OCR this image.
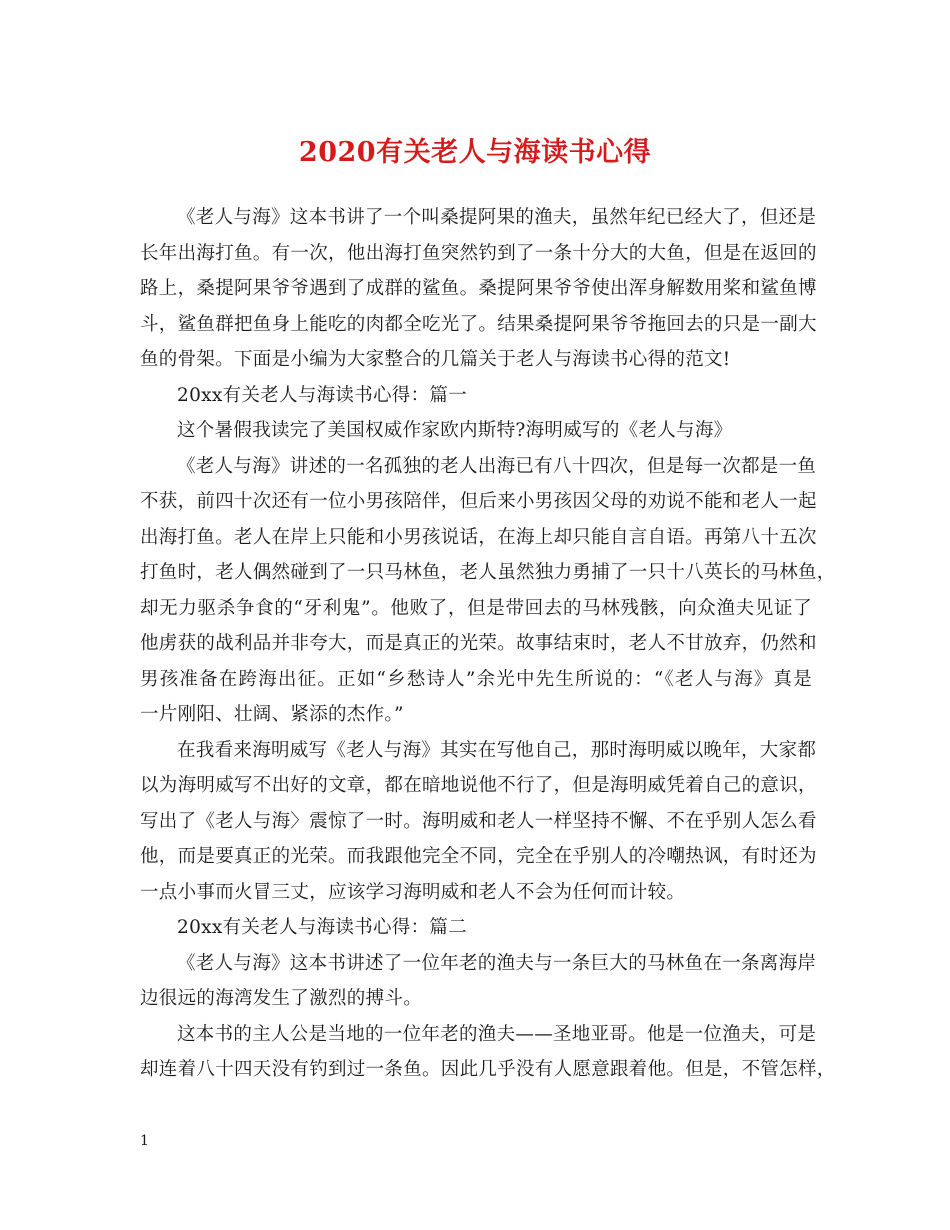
2020有关老人与海读书心得
《老人与海》这本书讲了一个叫桑提阿果的渔夫，虽然年纪已经大了，但还是
长年出海打鱼。有一次，他出海打鱼突然钓到了一条十分大的大鱼，但是在返回的
路上，桑提阿果爷爷遇到了成群的鲨鱼。桑提阿果爷爷使出浑身解数用桨和鲨鱼博
斗，鲨鱼群把鱼身上能吃的肉都全吃光了。结果桑提阿果爷爷拖回去的只是一副大
鱼的骨架。下面是小编为大家整合的几篇关于老人与海读书心得的范文!
20xx有关老人与海读书心得：篇一
这个暑假我读完了美国权威作家欧内斯特?海明威写的《老人与海》
《老人与海》讲述的一名孤独的老人出海已有八十四次，但是每一次都是一鱼
不获，前四十次还有一位小男孩陪伴，但后来小男孩因父母的劝说不能和老人一起
出海打鱼。老人在岸上只能和小男孩说话，在海上却只能自言自语。再第八十五次
打鱼时，老人偶然碰到了一只马林鱼，老人虽然独力勇捕了一只十八英长的马林鱼，
却无力驱杀争食的“牙利鬼”。他败了，但是带回去的马林残骸，向众渔夫见证了
他虏获的战利品并非夸大，而是真正的光荣。故事结束时，老人不甘放弃，仍然和
男孩准备在跨海出征。正如“乡愁诗人”余光中先生所说的：“《老人与海》真是
一片刚阳、壮阔、紧添的杰作。”
在我看来海明威写《老人与海》其实在写他自己，那时海明威以晚年，大家都
以为海明威写不出好的文章，都在暗地说他不行了，但是海明威凭着自己的意识，
写出了《老人与海〉震惊了一时。海明威和老人一样坚持不懈、不在乎别人怎么看
他，而是要真正的光荣。而我跟他完全不同，完全在乎别人的冷嘲热讽，有时还为
一点小事而火冒三丈，应该学习海明威和老人不会为任何而计较。
20xx有关老人与海读书心得：篇二
《老人与海》这本书讲述了一位年老的渔夫与一条巨大的马林鱼在一条离海岸
边很远的海湾发生了激烈的搏斗。
这本书的主人公是当地的一位年老的渔夫——圣地亚哥。他是一位渔夫，可是
却连着八十四天没有钓到过一条鱼。因此几乎没有人愿意跟着他。但是，不管怎样，
1
